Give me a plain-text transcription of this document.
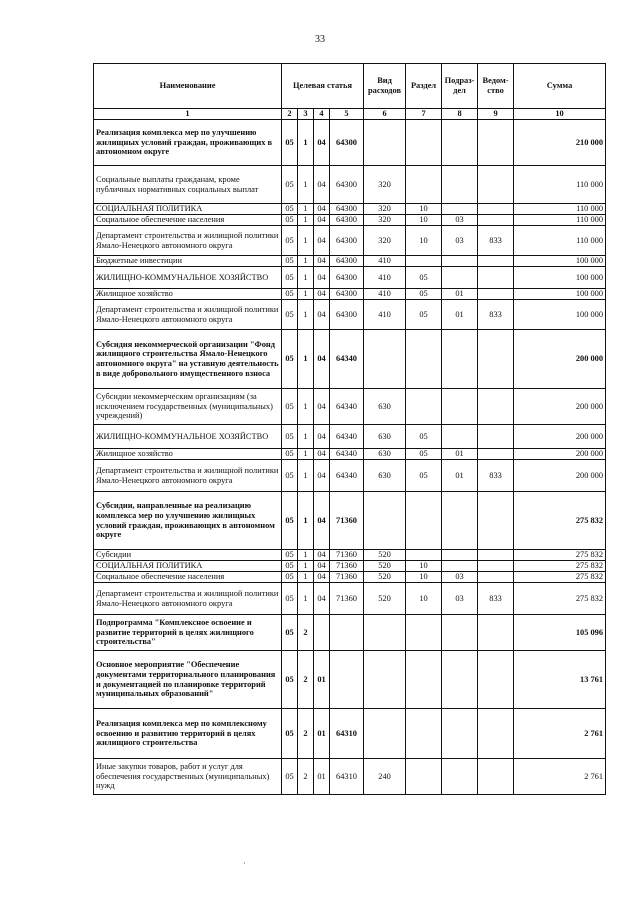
33
Наименование	Целевая статья				Вид расходов	Раздел	Подраз-дел	Ведом-ство	Сумма
1	2	3	4	5	6	7	8	9	10
Реализация комплекса мер по улучшению жилищных условий граждан, проживающих в автономном округе	05	1	04	64300					210 000
Социальные выплаты гражданам, кроме публичных нормативных социальных выплат	05	1	04	64300	320				110 000
СОЦИАЛЬНАЯ ПОЛИТИКА	05	1	04	64300	320	10			110 000
Социальное обеспечение населения	05	1	04	64300	320	10	03		110 000
Департамент строительства и жилищной политики Ямало-Ненецкого автономного округа	05	1	04	64300	320	10	03	833	110 000
Бюджетные инвестиции	05	1	04	64300	410				100 000
ЖИЛИЩНО-КОММУНАЛЬНОЕ ХОЗЯЙСТВО	05	1	04	64300	410	05			100 000
Жилищное хозяйство	05	1	04	64300	410	05	01		100 000
Департамент строительства и жилищной политики Ямало-Ненецкого автономного округа	05	1	04	64300	410	05	01	833	100 000
Субсидия некоммерческой организации "Фонд жилищного строительства Ямало-Ненецкого автономного округа" на уставную деятельность в виде добровольного имущественного взноса	05	1	04	64340					200 000
Субсидии некоммерческим организациям (за исключением государственных (муниципальных) учреждений)	05	1	04	64340	630				200 000
ЖИЛИЩНО-КОММУНАЛЬНОЕ ХОЗЯЙСТВО	05	1	04	64340	630	05			200 000
Жилищное хозяйство	05	1	04	64340	630	05	01		200 000
Департамент строительства и жилищной политики Ямало-Ненецкого автономного округа	05	1	04	64340	630	05	01	833	200 000
Субсидии, направленные на реализацию комплекса мер по улучшению жилищных условий граждан, проживающих в автономном округе	05	1	04	71360					275 832
Субсидии	05	1	04	71360	520				275 832
СОЦИАЛЬНАЯ ПОЛИТИКА	05	1	04	71360	520	10			275 832
Социальное обеспечение населения	05	1	04	71360	520	10	03		275 832
Департамент строительства и жилищной политики Ямало-Ненецкого автономного округа	05	1	04	71360	520	10	03	833	275 832
Подпрограмма "Комплексное освоение и развитие территорий в целях жилищного строительства"	05	2							105 096
Основное мероприятие "Обеспечение документами территориального планирования и документацией по планировке территорий муниципальных образований"	05	2	01						13 761
Реализация комплекса мер по комплексному освоению и развитию территорий в целях жилищного строительства	05	2	01	64310					2 761
Иные закупки товаров, работ и услуг для обеспечения государственных (муниципальных) нужд	05	2	01	64310	240				2 761
·
